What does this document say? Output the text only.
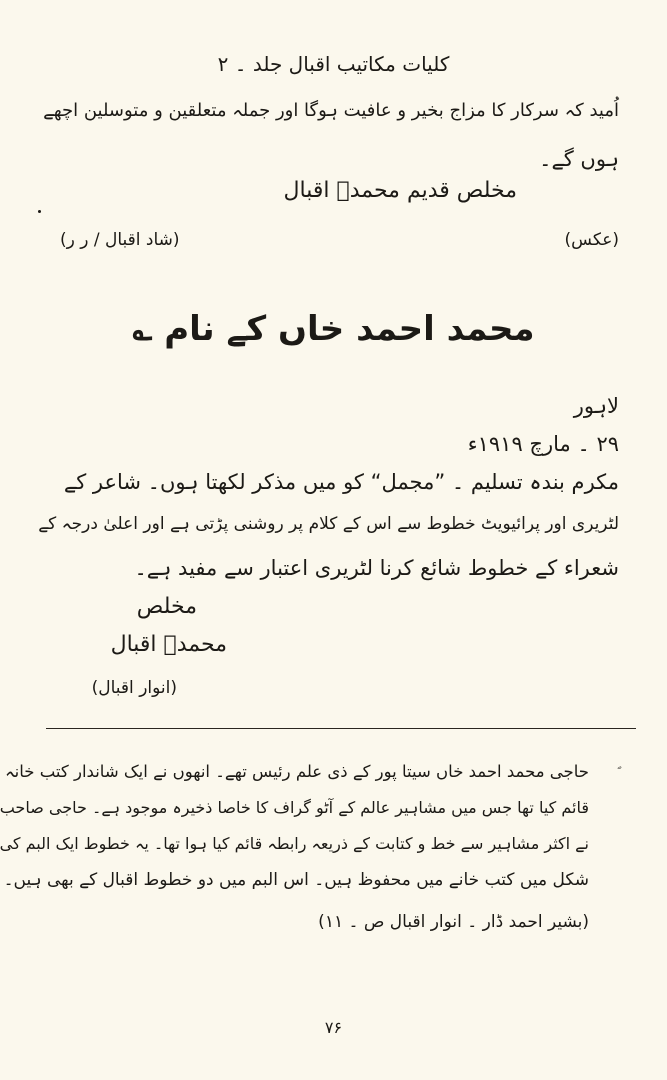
کلیات مکاتیب اقبال جلد ۔ ۲
اُمید کہ سرکار کا مزاج بخیر و عافیت ہوگا اور جملہ متعلقین و متوسلین اچھے
ہوں گے۔
مخلص قدیم محمدؐ اقبال
(عکس)
(شاد اقبال / ر ر)
محمد احمد خاں کے نام ؎
لاہور
۲۹ ۔ مارچ ۱۹۱۹ء
مکرم بندہ تسلیم ۔ ”مجمل“ کو میں مذکر لکھتا ہوں۔ شاعر کے
لٹریری اور پرائیویٹ خطوط سے اس کے کلام پر روشنی پڑتی ہے اور اعلیٰ درجہ کے
شعراء کے خطوط شائع کرنا لٹریری اعتبار سے مفید ہے۔
مخلص
محمدؐ اقبال
(انوار اقبال)
حاجی محمد احمد خاں سیتا پور کے ذی علم رئیس تھے۔ انھوں نے ایک شاندار کتب خانہ
قائم کیا تھا جس میں مشاہیر عالم کے آٹو گراف کا خاصا ذخیرہ موجود ہے۔ حاجی صاحب
نے اکثر مشاہیر سے خط و کتابت کے ذریعہ رابطہ قائم کیا ہوا تھا۔ یہ خطوط ایک البم کی
شکل میں کتب خانے میں محفوظ ہیں۔ اس البم میں دو خطوط اقبال کے بھی ہیں۔
(بشیر احمد ڈار ۔ انوار اقبال ص ۔ ۱۱)
۷۶
